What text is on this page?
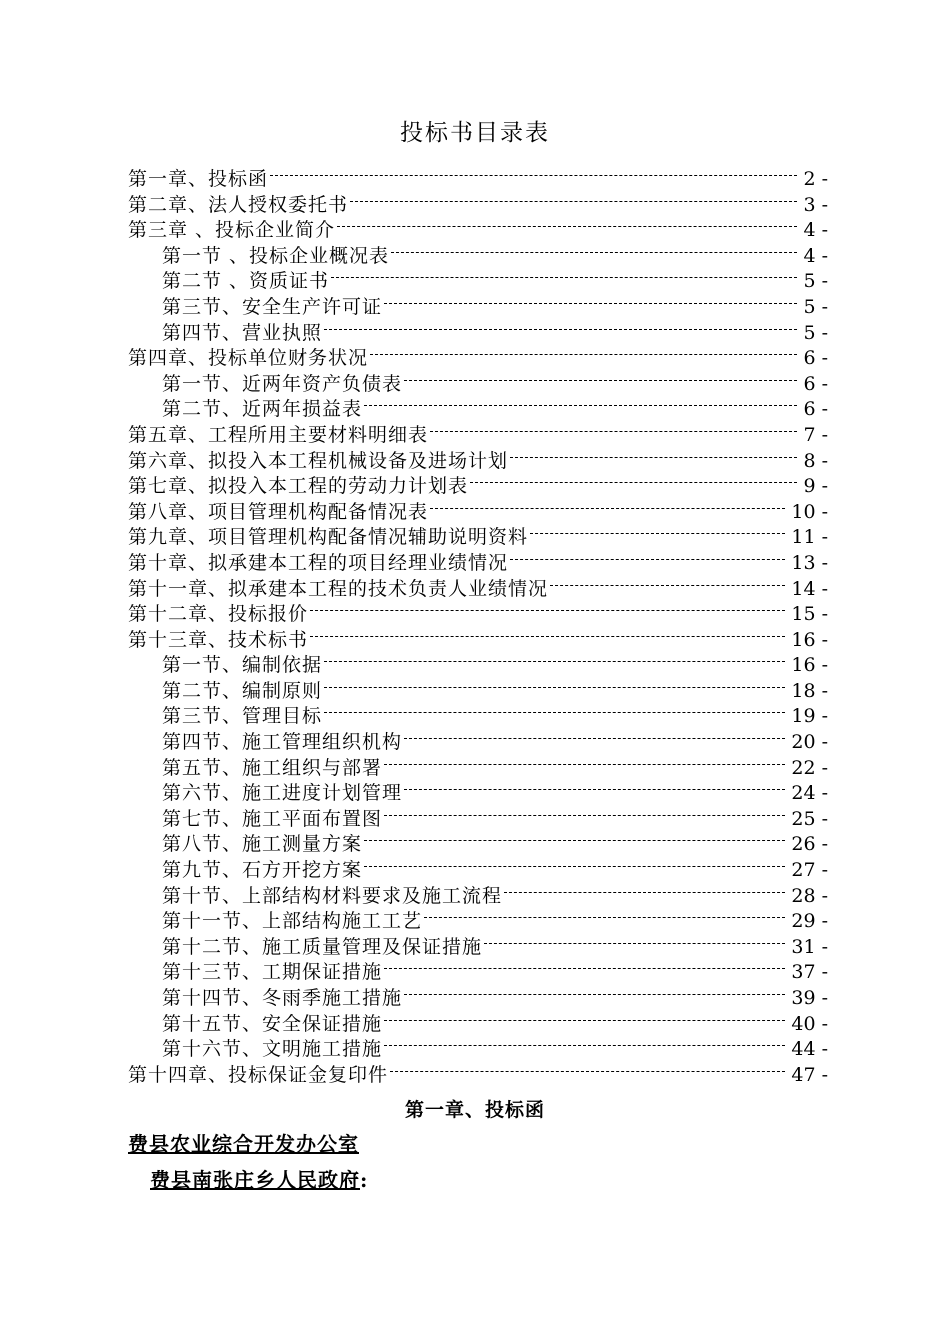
投标书目录表
第一章、投标函	2 -
第二章、法人授权委托书	3 -
第三章 、投标企业简介	4 -
第一节 、投标企业概况表	4 -
第二节 、资质证书	5 -
第三节、安全生产许可证	5 -
第四节、营业执照	5 -
第四章、投标单位财务状况	6 -
第一节、近两年资产负债表	6 -
第二节、近两年损益表	6 -
第五章、工程所用主要材料明细表	7 -
第六章、拟投入本工程机械设备及进场计划	8 -
第七章、拟投入本工程的劳动力计划表	9 -
第八章、项目管理机构配备情况表	10 -
第九章、项目管理机构配备情况辅助说明资料	11 -
第十章、拟承建本工程的项目经理业绩情况	13 -
第十一章、拟承建本工程的技术负责人业绩情况	14 -
第十二章、投标报价	15 -
第十三章、技术标书	16 -
第一节、编制依据	16 -
第二节、编制原则	18 -
第三节、管理目标	19 -
第四节、施工管理组织机构	20 -
第五节、施工组织与部署	22 -
第六节、施工进度计划管理	24 -
第七节、施工平面布置图	25 -
第八节、施工测量方案	26 -
第九节、石方开挖方案	27 -
第十节、上部结构材料要求及施工流程	28 -
第十一节、上部结构施工工艺	29 -
第十二节、施工质量管理及保证措施	31 -
第十三节、工期保证措施	37 -
第十四节、冬雨季施工措施	39 -
第十五节、安全保证措施	40 -
第十六节、文明施工措施	44 -
第十四章、投标保证金复印件	47 -
第一章、投标函
费县农业综合开发办公室
费县南张庄乡人民政府:
